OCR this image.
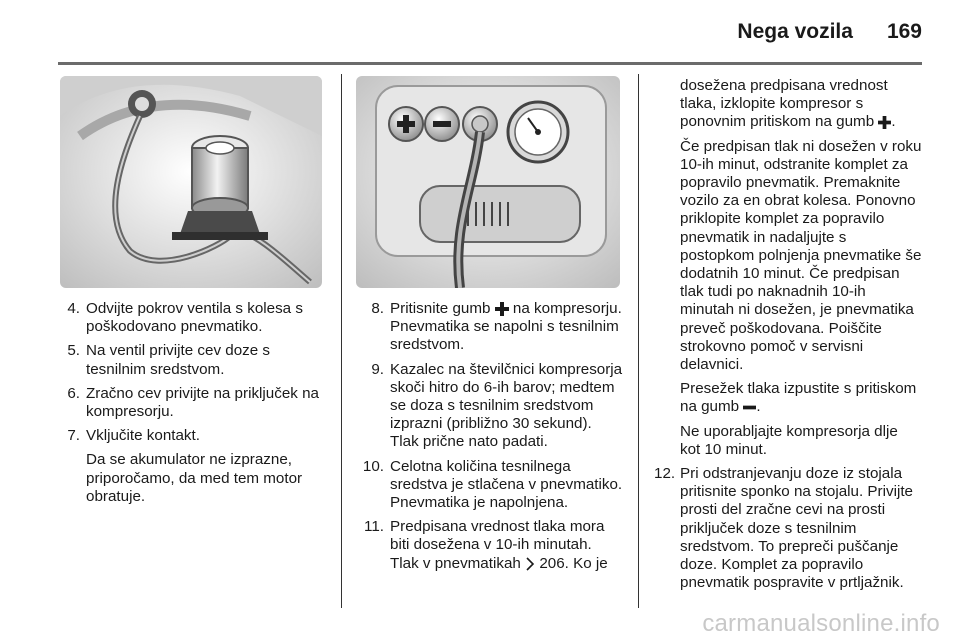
Nega vozila 169
4. Odvijte pokrov ventila s kolesa s poškodovano pnevmatiko.
5. Na ventil privijte cev doze s tesnilnim sredstvom.
6. Zračno cev privijte na priključek na kompresorju.
7. Vključite kontakt.
Da se akumulator ne izprazne, priporočamo, da med tem motor obratuje.
8. Pritisnite gumb na kompresorju. Pnevmatika se napolni s tesnilnim sredstvom.
9. Kazalec na številčnici kompresorja skoči hitro do 6-ih barov; medtem se doza s tesnilnim sredstvom izprazni (približno 30 sekund). Tlak prične nato padati.
10. Celotna količina tesnilnega sredstva je stlačena v pnevmatiko. Pnevmatika je napolnjena.
11. Predpisana vrednost tlaka mora biti dosežena v 10-ih minutah. Tlak v pnevmatikah 206. Ko je
dosežena predpisana vrednost tlaka, izklopite kompresor s ponovnim pritiskom na gumb .
Če predpisan tlak ni dosežen v roku 10-ih minut, odstranite komplet za popravilo pnevmatik. Premaknite vozilo za en obrat kolesa. Ponovno priklopite komplet za popravilo pnevmatik in nadaljujte s postopkom polnjenja pnevmatike še dodatnih 10 minut. Če predpisan tlak tudi po naknadnih 10-ih minutah ni dosežen, je pnevmatika preveč poškodovana. Poiščite strokovno pomoč v servisni delavnici.
Presežek tlaka izpustite s pritiskom na gumb .
Ne uporabljajte kompresorja dlje kot 10 minut.
12. Pri odstranjevanju doze iz stojala pritisnite sponko na stojalu. Privijte prosti del zračne cevi na prosti priključek doze s tesnilnim sredstvom. To prepreči puščanje doze. Komplet za popravilo pnevmatik pospravite v prtljažnik.
carmanualsonline.info
